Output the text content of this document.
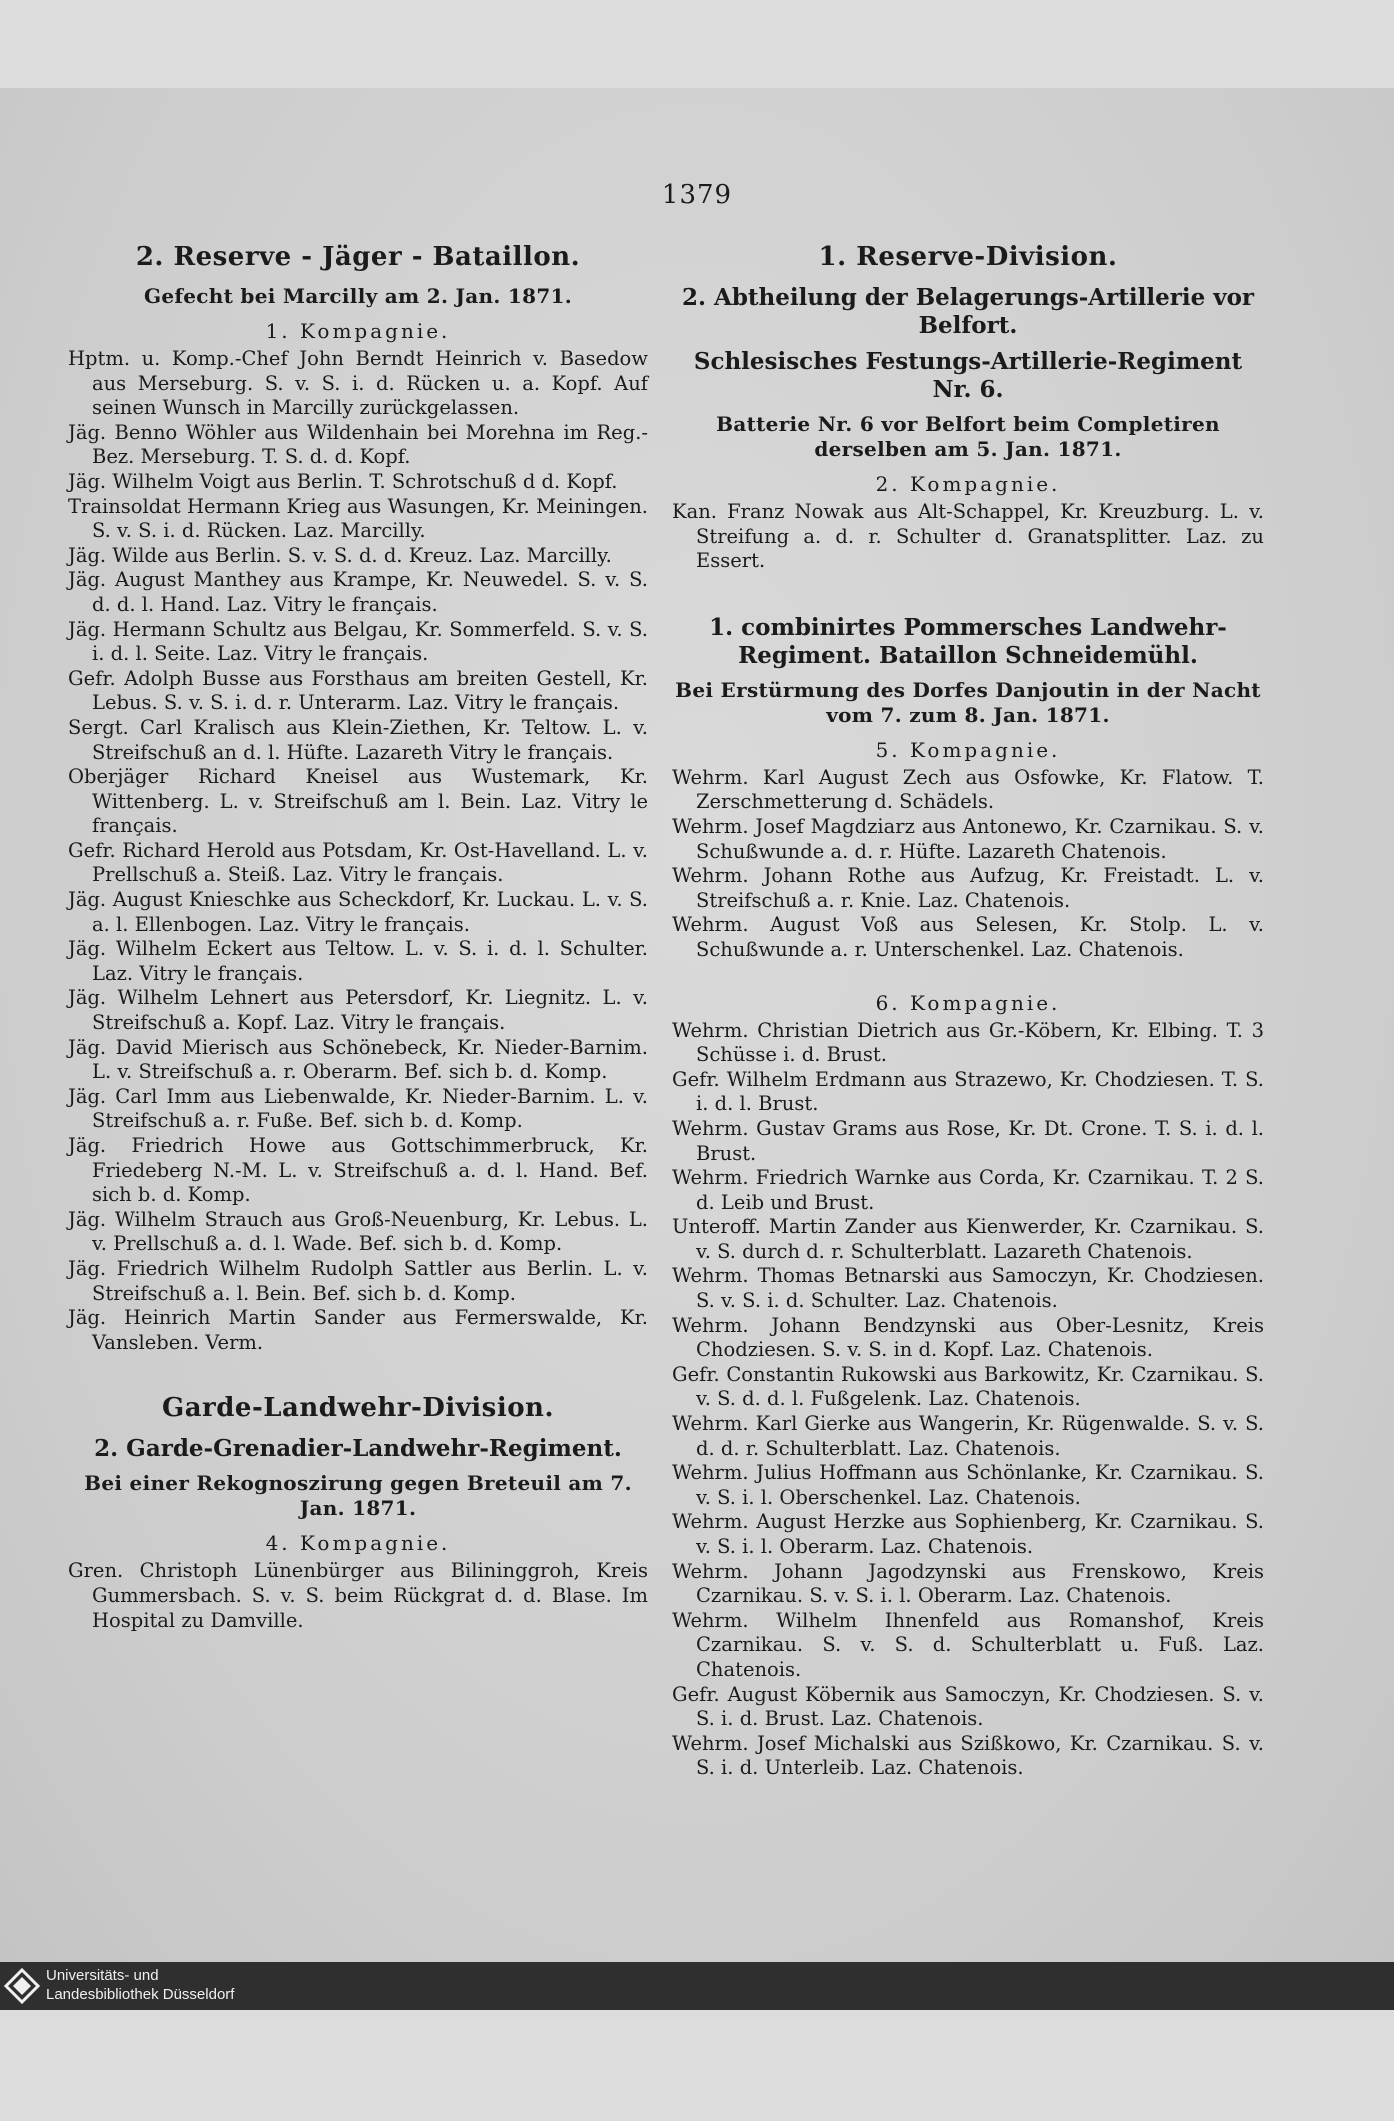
1379
2. Reserve - Jäger - Bataillon.
Gefecht bei Marcilly am 2. Jan. 1871.
1. Kompagnie.

Hptm. u. Komp.-Chef John Berndt Heinrich v. Basedow aus Merseburg. S. v. S. i. d. Rücken u. a. Kopf. Auf seinen Wunsch in Marcilly zurückgelassen.

Jäg. Benno Wöhler aus Wildenhain bei Morehna im Reg.-Bez. Merseburg. T. S. d. d. Kopf.

Jäg. Wilhelm Voigt aus Berlin. T. Schrotschuß d d. Kopf.

Trainsoldat Hermann Krieg aus Wasungen, Kr. Meiningen. S. v. S. i. d. Rücken. Laz. Marcilly.

Jäg. Wilde aus Berlin. S. v. S. d. d. Kreuz. Laz. Marcilly.

Jäg. August Manthey aus Krampe, Kr. Neuwedel. S. v. S. d. d. l. Hand. Laz. Vitry le français.

Jäg. Hermann Schultz aus Belgau, Kr. Sommerfeld. S. v. S. i. d. l. Seite. Laz. Vitry le français.

Gefr. Adolph Busse aus Forsthaus am breiten Gestell, Kr. Lebus. S. v. S. i. d. r. Unterarm. Laz. Vitry le français.

Sergt. Carl Kralisch aus Klein-Ziethen, Kr. Teltow. L. v. Streifschuß an d. l. Hüfte. Lazareth Vitry le français.

Oberjäger Richard Kneisel aus Wustemark, Kr. Wittenberg. L. v. Streifschuß am l. Bein. Laz. Vitry le français.

Gefr. Richard Herold aus Potsdam, Kr. Ost-Havelland. L. v. Prellschuß a. Steiß. Laz. Vitry le français.

Jäg. August Knieschke aus Scheckdorf, Kr. Luckau. L. v. S. a. l. Ellenbogen. Laz. Vitry le français.

Jäg. Wilhelm Eckert aus Teltow. L. v. S. i. d. l. Schulter. Laz. Vitry le français.

Jäg. Wilhelm Lehnert aus Petersdorf, Kr. Liegnitz. L. v. Streifschuß a. Kopf. Laz. Vitry le français.

Jäg. David Mierisch aus Schönebeck, Kr. Nieder-Barnim. L. v. Streifschuß a. r. Oberarm. Bef. sich b. d. Komp.

Jäg. Carl Imm aus Liebenwalde, Kr. Nieder-Barnim. L. v. Streifschuß a. r. Fuße. Bef. sich b. d. Komp.

Jäg. Friedrich Howe aus Gottschimmerbruck, Kr. Friedeberg N.-M. L. v. Streifschuß a. d. l. Hand. Bef. sich b. d. Komp.

Jäg. Wilhelm Strauch aus Groß-Neuenburg, Kr. Lebus. L. v. Prellschuß a. d. l. Wade. Bef. sich b. d. Komp.

Jäg. Friedrich Wilhelm Rudolph Sattler aus Berlin. L. v. Streifschuß a. l. Bein. Bef. sich b. d. Komp.

Jäg. Heinrich Martin Sander aus Fermerswalde, Kr. Vansleben. Verm.

Garde-Landwehr-Division.
2. Garde-Grenadier-Landwehr-Regiment.
Bei einer Rekognoszirung gegen Breteuil am 7. Jan. 1871.
4. Kompagnie.

Gren. Christoph Lünenbürger aus Bilininggroh, Kreis Gummersbach. S. v. S. beim Rückgrat d. d. Blase. Im Hospital zu Damville.

1. Reserve-Division.
2. Abtheilung der Belagerungs-Artillerie vor Belfort.
Schlesisches Festungs-Artillerie-Regiment Nr. 6.
Batterie Nr. 6 vor Belfort beim Completiren derselben am 5. Jan. 1871.
2. Kompagnie.

Kan. Franz Nowak aus Alt-Schappel, Kr. Kreuzburg. L. v. Streifung a. d. r. Schulter d. Granatsplitter. Laz. zu Essert.

1. combinirtes Pommersches Landwehr-Regiment. Bataillon Schneidemühl.
Bei Erstürmung des Dorfes Danjoutin in der Nacht vom 7. zum 8. Jan. 1871.
5. Kompagnie.

Wehrm. Karl August Zech aus Osfowke, Kr. Flatow. T. Zerschmetterung d. Schädels.

Wehrm. Josef Magdziarz aus Antonewo, Kr. Czarnikau. S. v. Schußwunde a. d. r. Hüfte. Lazareth Chatenois.

Wehrm. Johann Rothe aus Aufzug, Kr. Freistadt. L. v. Streifschuß a. r. Knie. Laz. Chatenois.

Wehrm. August Voß aus Selesen, Kr. Stolp. L. v. Schußwunde a. r. Unterschenkel. Laz. Chatenois.

6. Kompagnie.

Wehrm. Christian Dietrich aus Gr.-Köbern, Kr. Elbing. T. 3 Schüsse i. d. Brust.

Gefr. Wilhelm Erdmann aus Strazewo, Kr. Chodziesen. T. S. i. d. l. Brust.

Wehrm. Gustav Grams aus Rose, Kr. Dt. Crone. T. S. i. d. l. Brust.

Wehrm. Friedrich Warnke aus Corda, Kr. Czarnikau. T. 2 S. d. Leib und Brust.

Unteroff. Martin Zander aus Kienwerder, Kr. Czarnikau. S. v. S. durch d. r. Schulterblatt. Lazareth Chatenois.

Wehrm. Thomas Betnarski aus Samoczyn, Kr. Chodziesen. S. v. S. i. d. Schulter. Laz. Chatenois.

Wehrm. Johann Bendzynski aus Ober-Lesnitz, Kreis Chodziesen. S. v. S. in d. Kopf. Laz. Chatenois.

Gefr. Constantin Rukowski aus Barkowitz, Kr. Czarnikau. S. v. S. d. d. l. Fußgelenk. Laz. Chatenois.

Wehrm. Karl Gierke aus Wangerin, Kr. Rügenwalde. S. v. S. d. d. r. Schulterblatt. Laz. Chatenois.

Wehrm. Julius Hoffmann aus Schönlanke, Kr. Czarnikau. S. v. S. i. l. Oberschenkel. Laz. Chatenois.

Wehrm. August Herzke aus Sophienberg, Kr. Czarnikau. S. v. S. i. l. Oberarm. Laz. Chatenois.

Wehrm. Johann Jagodzynski aus Frenskowo, Kreis Czarnikau. S. v. S. i. l. Oberarm. Laz. Chatenois.

Wehrm. Wilhelm Ihnenfeld aus Romanshof, Kreis Czarnikau. S. v. S. d. Schulterblatt u. Fuß. Laz. Chatenois.

Gefr. August Köbernik aus Samoczyn, Kr. Chodziesen. S. v. S. i. d. Brust. Laz. Chatenois.

Wehrm. Josef Michalski aus Szißkowo, Kr. Czarnikau. S. v. S. i. d. Unterleib. Laz. Chatenois.

Universitäts- und
Landesbibliothek Düsseldorf
